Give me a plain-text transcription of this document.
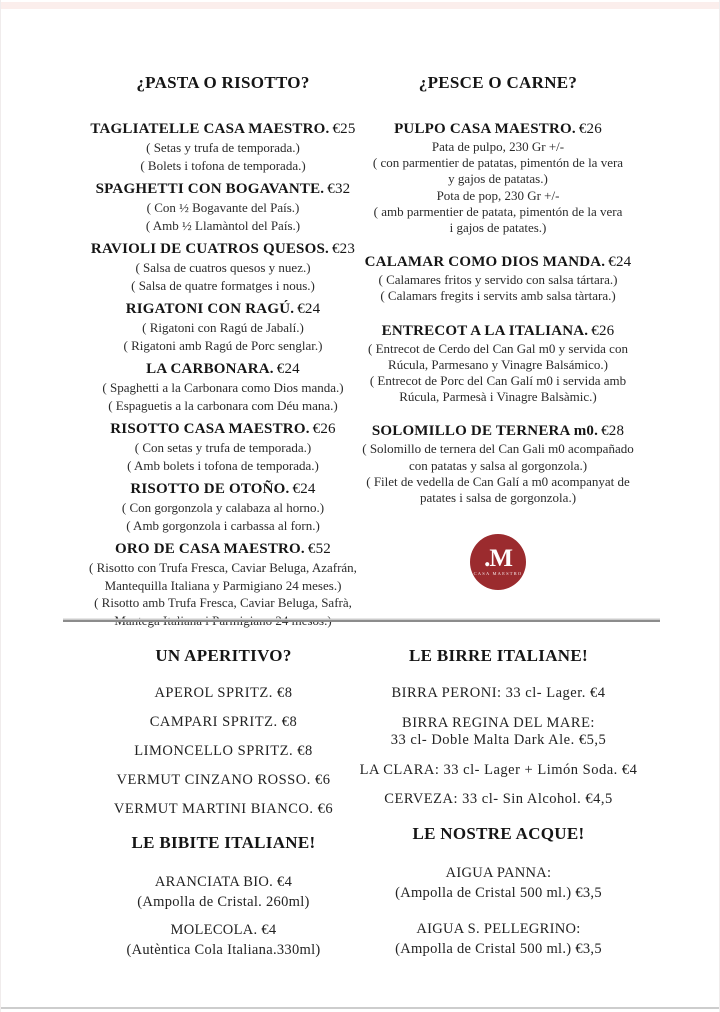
¿PASTA O RISOTTO?
TAGLIATELLE CASA MAESTRO. €25
( Setas y trufa de temporada.)
( Bolets i tofona de temporada.)
SPAGHETTI CON BOGAVANTE. €32
( Con ½ Bogavante del País.)
( Amb ½ Llamàntol del País.)
RAVIOLI DE CUATROS QUESOS. €23
( Salsa de cuatros quesos y nuez.)
( Salsa de quatre formatges i nous.)
RIGATONI CON RAGÚ. €24
( Rigatoni con Ragú de Jabalí.)
( Rigatoni amb Ragú de Porc senglar.)
LA CARBONARA. €24
( Spaghetti a la Carbonara como Dios manda.)
( Espaguetis a la carbonara com Déu mana.)
RISOTTO CASA MAESTRO. €26
( Con setas y trufa de temporada.)
( Amb bolets i tofona de temporada.)
RISOTTO DE OTOÑO. €24
( Con gorgonzola y calabaza al horno.)
( Amb gorgonzola i carbassa al forn.)
ORO DE CASA MAESTRO. €52
( Risotto con Trufa Fresca, Caviar Beluga, Azafrán,
Mantequilla Italiana y Parmigiano 24 meses.)
( Risotto amb Trufa Fresca, Caviar Beluga, Safrà,
¿PESCE O CARNE?
PULPO CASA MAESTRO. €26
Pata de pulpo, 230 Gr +/-
( con parmentier de patatas, pimentón de la vera
y gajos de patatas.)
Pota de pop, 230 Gr +/-
( amb parmentier de patata, pimentón de la vera
i gajos de patates.)
CALAMAR COMO DIOS MANDA. €24
( Calamares fritos y servido con salsa tártara.)
( Calamars fregits i servits amb salsa tàrtara.)
ENTRECOT A LA ITALIANA. €26
( Entrecot de Cerdo del Can Gal m0 y servida con
Rúcula, Parmesano y Vinagre Balsámico.)
( Entrecot de Porc del Can Galí m0 i servida amb
Rúcula, Parmesà i Vinagre Balsàmic.)
SOLOMILLO DE TERNERA m0. €28
( Solomillo de ternera del Can Gali m0 acompañado
con patatas y salsa al gorgonzola.)
( Filet de vedella de Can Galí a m0 acompanyat de
patates i salsa de gorgonzola.)
.M
CASA MAESTRO
UN APERITIVO?
APEROL SPRITZ. €8
CAMPARI SPRITZ. €8
LIMONCELLO SPRITZ. €8
VERMUT CINZANO ROSSO. €6
VERMUT MARTINI BIANCO. €6
LE BIBITE ITALIANE!
ARANCIATA BIO. €4
(Ampolla de Cristal. 260ml)
MOLECOLA. €4
(Autèntica Cola Italiana.330ml)
LE BIRRE ITALIANE!
BIRRA PERONI: 33 cl- Lager. €4
BIRRA REGINA DEL MARE:
33 cl- Doble Malta Dark Ale. €5,5
LA CLARA: 33 cl- Lager + Limón Soda. €4
CERVEZA: 33 cl- Sin Alcohol. €4,5
LE NOSTRE ACQUE!
AIGUA PANNA:
(Ampolla de Cristal 500 ml.) €3,5
AIGUA S. PELLEGRINO:
(Ampolla de Cristal 500 ml.) €3,5
